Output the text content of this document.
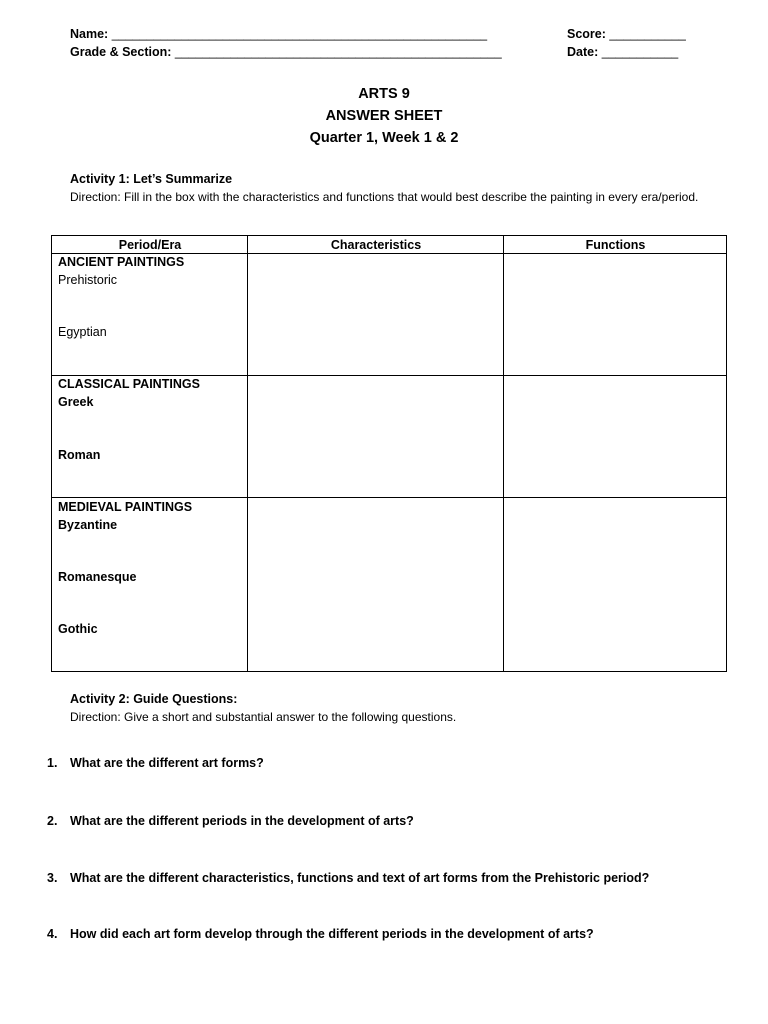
Name: ______________________________________________________
Grade & Section: _______________________________________________
Score: ___________
Date: ___________
ARTS 9
ANSWER SHEET
Quarter 1, Week 1 & 2
Activity 1: Let’s Summarize
Direction: Fill in the box with the characteristics and functions that would best describe the painting in every era/period.
Period/Era	Characteristics	Functions
ANCIENT PAINTINGS
Prehistoric
Egyptian
CLASSICAL PAINTINGS
Greek
Roman
MEDIEVAL PAINTINGS
Byzantine
Romanesque
Gothic
Activity 2: Guide Questions:
Direction: Give a short and substantial answer to the following questions.
1. What are the different art forms?
2. What are the different periods in the development of arts?
3. What are the different characteristics, functions and text of art forms from the Prehistoric period?
4. How did each art form develop through the different periods in the development of arts?
